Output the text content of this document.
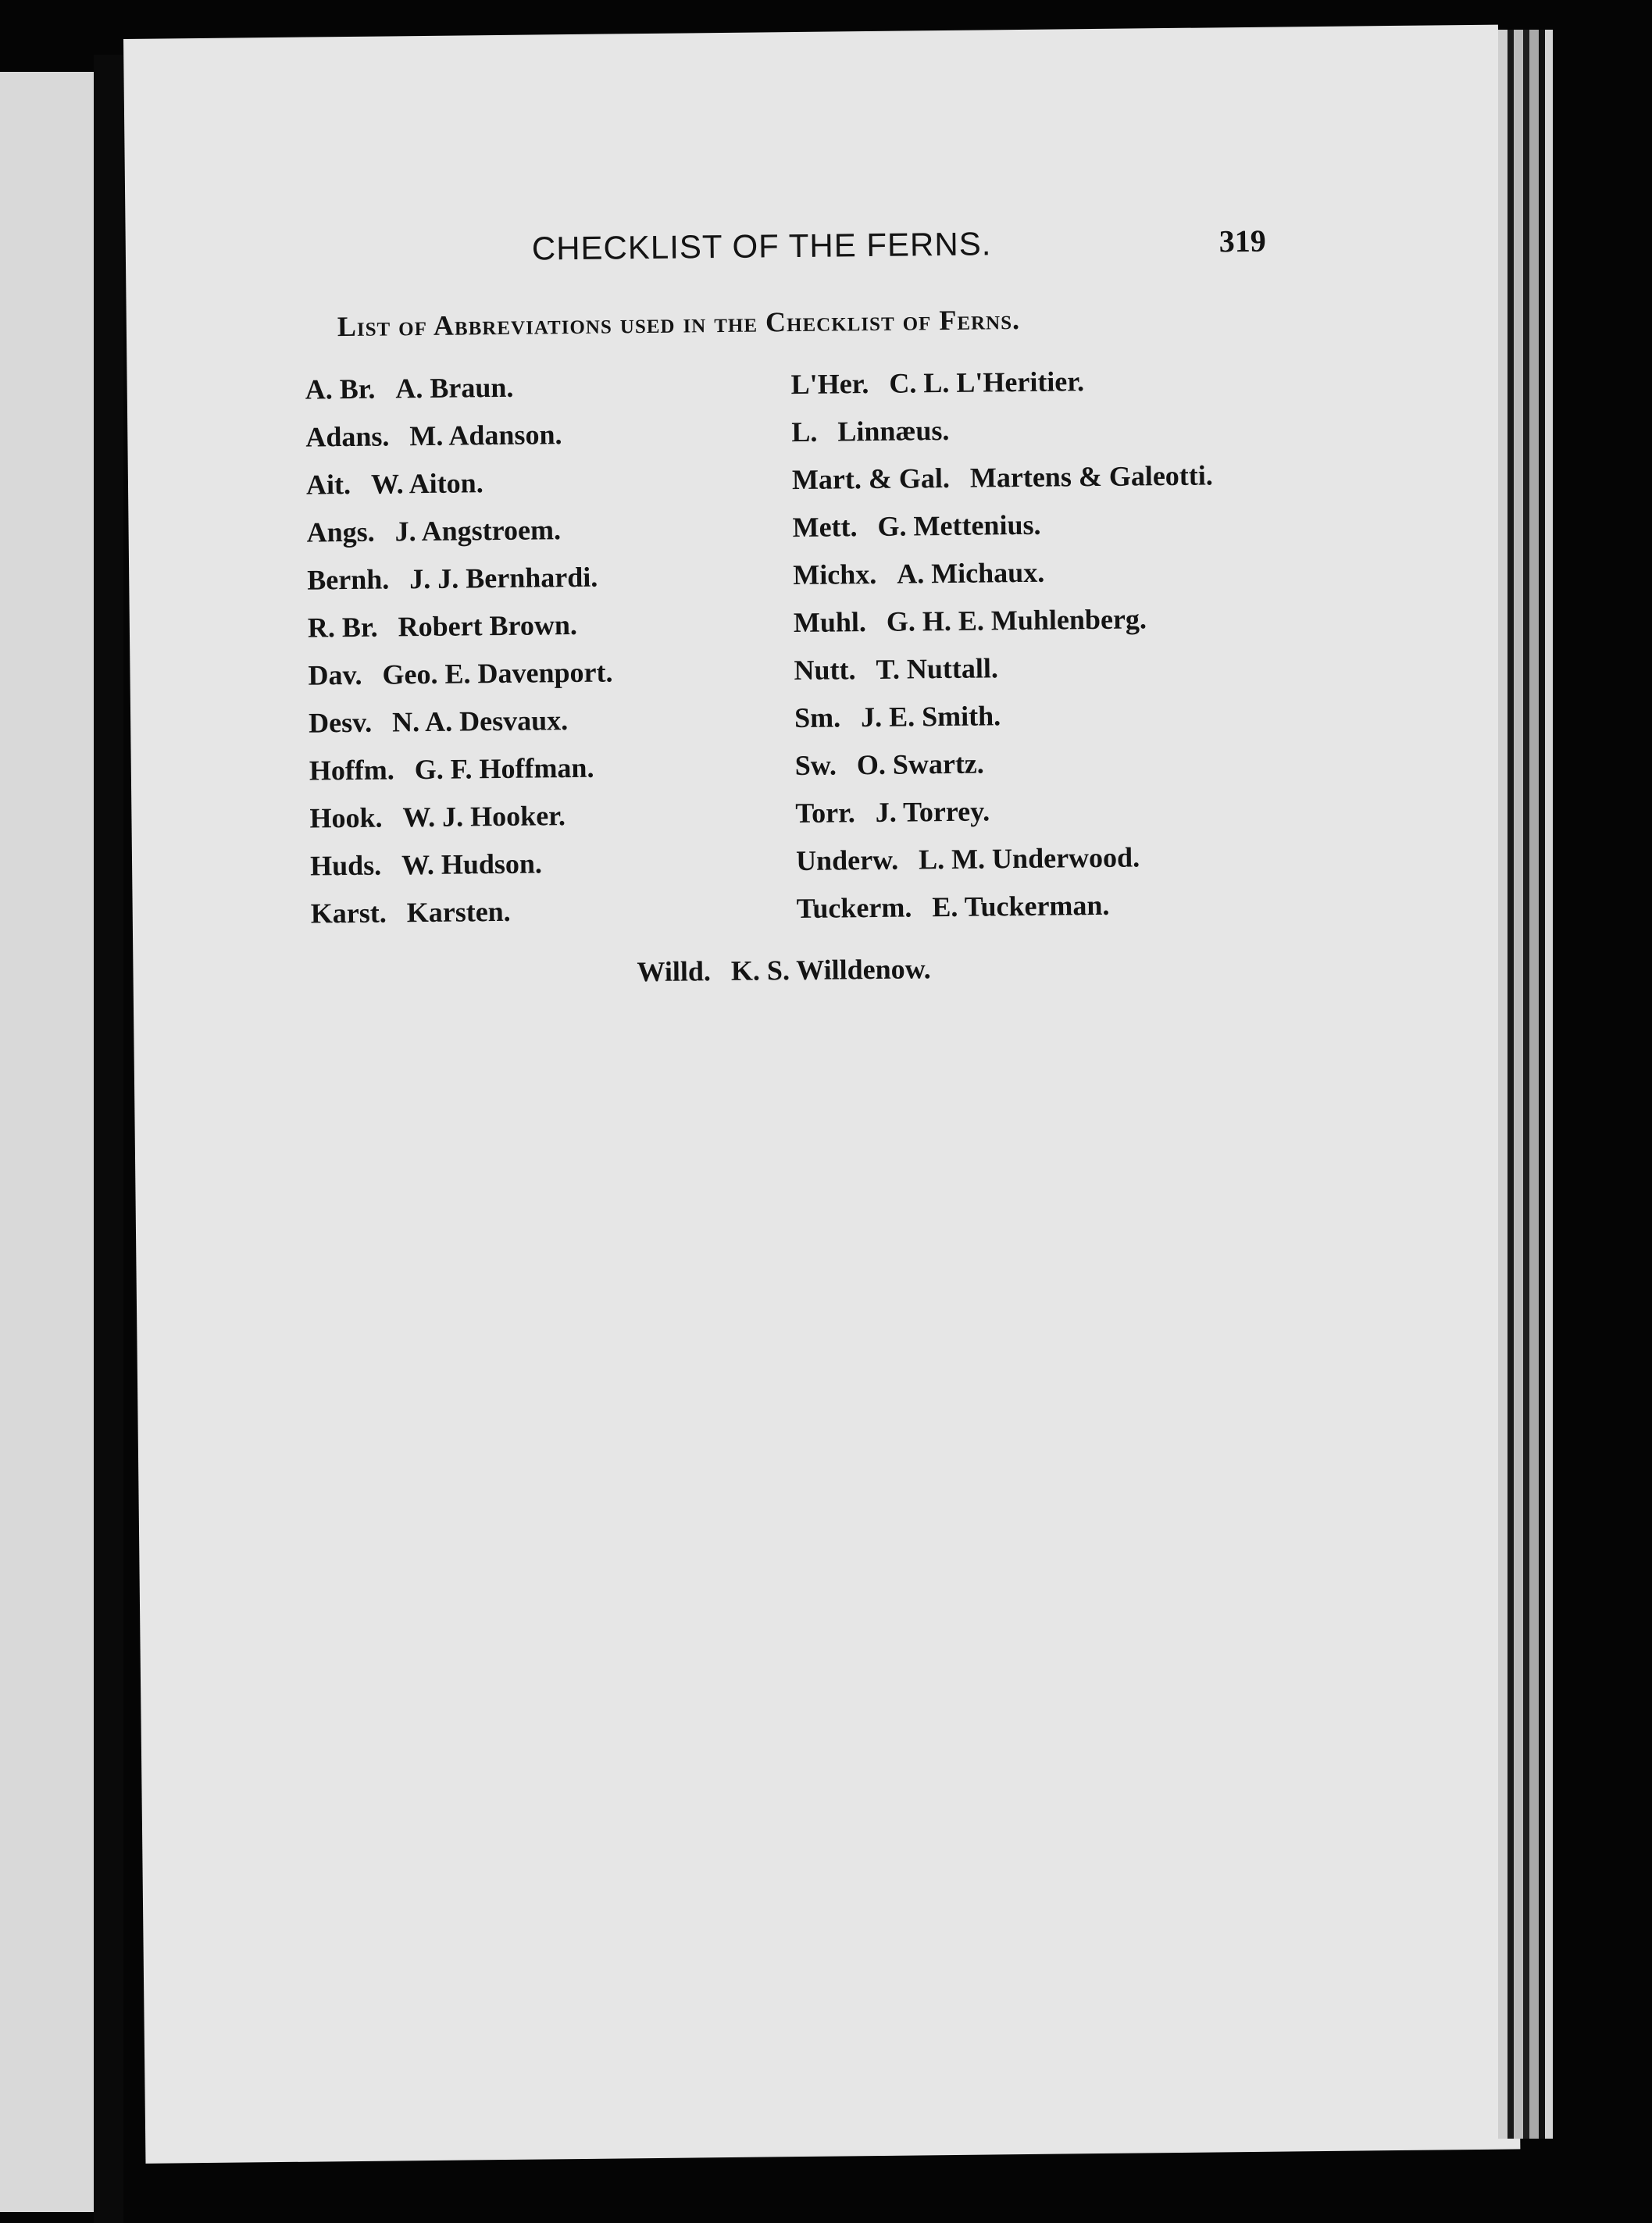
CHECKLIST OF THE FERNS.	319
List of Abbreviations used in the Checklist of Ferns.
A. Br. A. Braun.
Adans. M. Adanson.
Ait. W. Aiton.
Angs. J. Angstroem.
Bernh. J. J. Bernhardi.
R. Br. Robert Brown.
Dav. Geo. E. Davenport.
Desv. N. A. Desvaux.
Hoffm. G. F. Hoffman.
Hook. W. J. Hooker.
Huds. W. Hudson.
Karst. Karsten.
L'Her. C. L. L'Heritier.
L. Linnæus.
Mart. & Gal. Martens & Galeotti.
Mett. G. Mettenius.
Michx. A. Michaux.
Muhl. G. H. E. Muhlenberg.
Nutt. T. Nuttall.
Sm. J. E. Smith.
Sw. O. Swartz.
Torr. J. Torrey.
Underw. L. M. Underwood.
Tuckerm. E. Tuckerman.
Willd. K. S. Willdenow.
